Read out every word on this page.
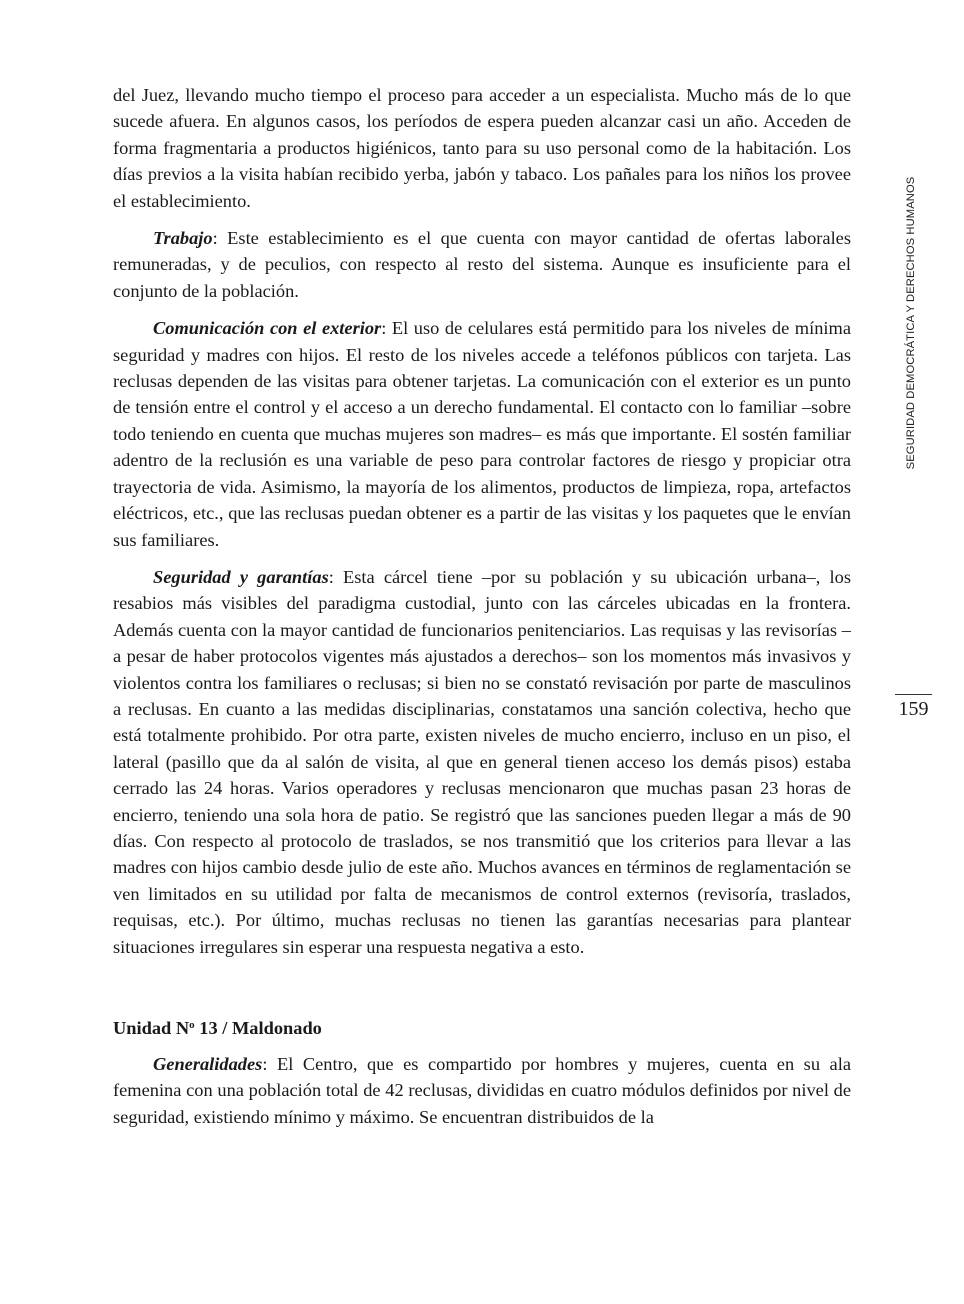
SEGURIDAD DEMOCRÁTICA Y DERECHOS HUMANOS
159

del Juez, llevando mucho tiempo el proceso para acceder a un especialista. Mucho más de lo que sucede afuera. En algunos casos, los períodos de espera pueden alcanzar casi un año. Acceden de forma fragmentaria a productos higiénicos, tanto para su uso personal como de la habitación. Los días previos a la visita habían recibido yerba, jabón y tabaco. Los pañales para los niños los provee el establecimiento.

Trabajo: Este establecimiento es el que cuenta con mayor cantidad de ofertas laborales remuneradas, y de peculios, con respecto al resto del sistema. Aunque es insuficiente para el conjunto de la población.

Comunicación con el exterior: El uso de celulares está permitido para los niveles de mínima seguridad y madres con hijos. El resto de los niveles accede a teléfonos públicos con tarjeta. Las reclusas dependen de las visitas para obtener tarjetas. La comunicación con el exterior es un punto de tensión entre el control y el acceso a un derecho fundamental. El contacto con lo familiar –sobre todo teniendo en cuenta que muchas mujeres son madres– es más que importante. El sostén familiar adentro de la reclusión es una variable de peso para controlar factores de riesgo y propiciar otra trayectoria de vida. Asimismo, la mayoría de los alimentos, productos de limpieza, ropa, artefactos eléctricos, etc., que las reclusas puedan obtener es a partir de las visitas y los paquetes que le envían sus familiares.

Seguridad y garantías: Esta cárcel tiene –por su población y su ubicación urbana–, los resabios más visibles del paradigma custodial, junto con las cárceles ubicadas en la frontera. Además cuenta con la mayor cantidad de funcionarios penitenciarios. Las requisas y las revisorías –a pesar de haber protocolos vigentes más ajustados a derechos– son los momentos más invasivos y violentos contra los familiares o reclusas; si bien no se constató revisación por parte de masculinos a reclusas. En cuanto a las medidas disciplinarias, constatamos una sanción colectiva, hecho que está totalmente prohibido. Por otra parte, existen niveles de mucho encierro, incluso en un piso, el lateral (pasillo que da al salón de visita, al que en general tienen acceso los demás pisos) estaba cerrado las 24 horas. Varios operadores y reclusas mencionaron que muchas pasan 23 horas de encierro, teniendo una sola hora de patio. Se registró que las sanciones pueden llegar a más de 90 días. Con respecto al protocolo de traslados, se nos transmitió que los criterios para llevar a las madres con hijos cambio desde julio de este año. Muchos avances en términos de reglamentación se ven limitados en su utilidad por falta de mecanismos de control externos (revisoría, traslados, requisas, etc.). Por último, muchas reclusas no tienen las garantías necesarias para plantear situaciones irregulares sin esperar una respuesta negativa a esto.

Unidad $N^o$ 13 / Maldonado

Generalidades: El Centro, que es compartido por hombres y mujeres, cuenta en su ala femenina con una población total de 42 reclusas, divididas en cuatro módulos definidos por nivel de seguridad, existiendo mínimo y máximo. Se encuentran distribuidos de la
